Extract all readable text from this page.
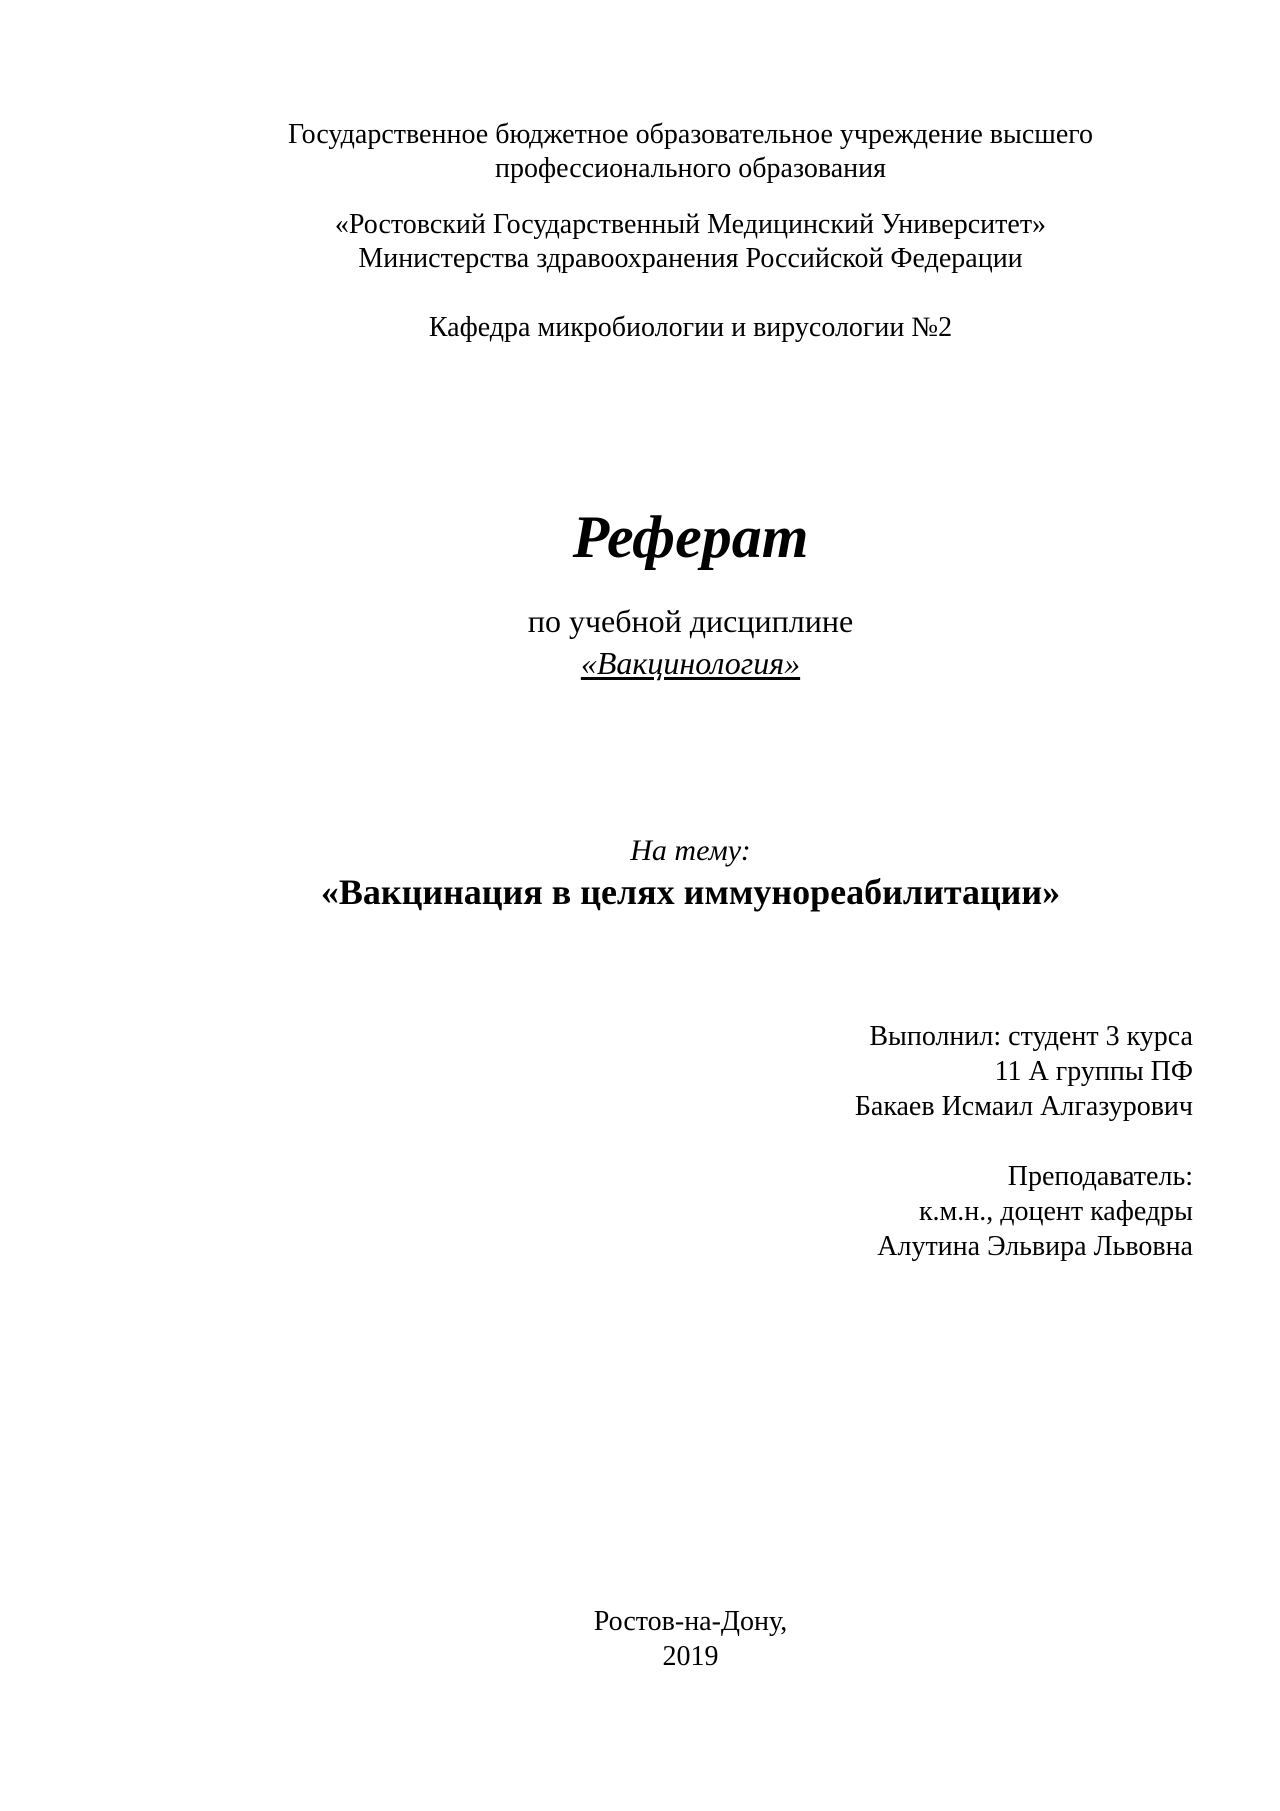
Государственное бюджетное образовательное учреждение высшего
профессионального образования
«Ростовский Государственный Медицинский Университет»
Министерства здравоохранения Российской Федерации
Кафедра микробиологии и вирусологии №2
Реферат
по учебной дисциплине
«Вакцинология»
На тему:
«Вакцинация в целях иммунореабилитации»
Выполнил: студент 3 курса
11 А группы ПФ
Бакаев Исмаил Алгазурович
Преподаватель:
к.м.н., доцент кафедры
Алутина Эльвира Львовна
Ростов-на-Дону,
2019
